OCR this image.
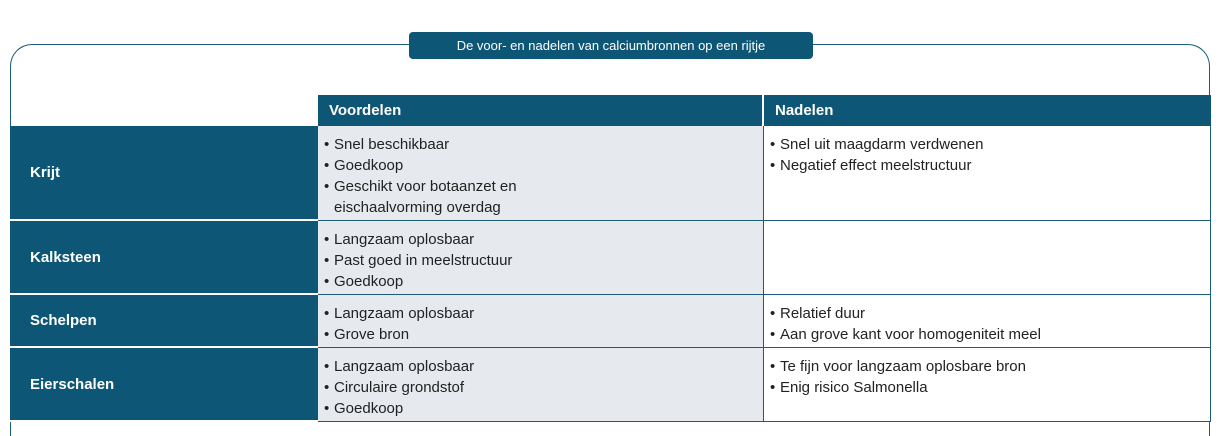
De voor- en nadelen van calciumbronnen op een rijtje
Voordelen	Nadelen
Krijt
• Snel beschikbaar
• Goedkoop
• Geschikt voor botaanzet en eischaalvorming overdag
• Snel uit maagdarm verdwenen
• Negatief effect meelstructuur
Kalksteen
• Langzaam oplosbaar
• Past goed in meelstructuur
• Goedkoop
Schelpen
•	Langzaam oplosbaar
• Grove bron
• Relatief duur
• Aan grove kant voor homogeniteit meel
Eierschalen
• Langzaam oplosbaar
• Circulaire grondstof
• Goedkoop
• Te fijn voor langzaam oplosbare bron
• Enig risico Salmonella
